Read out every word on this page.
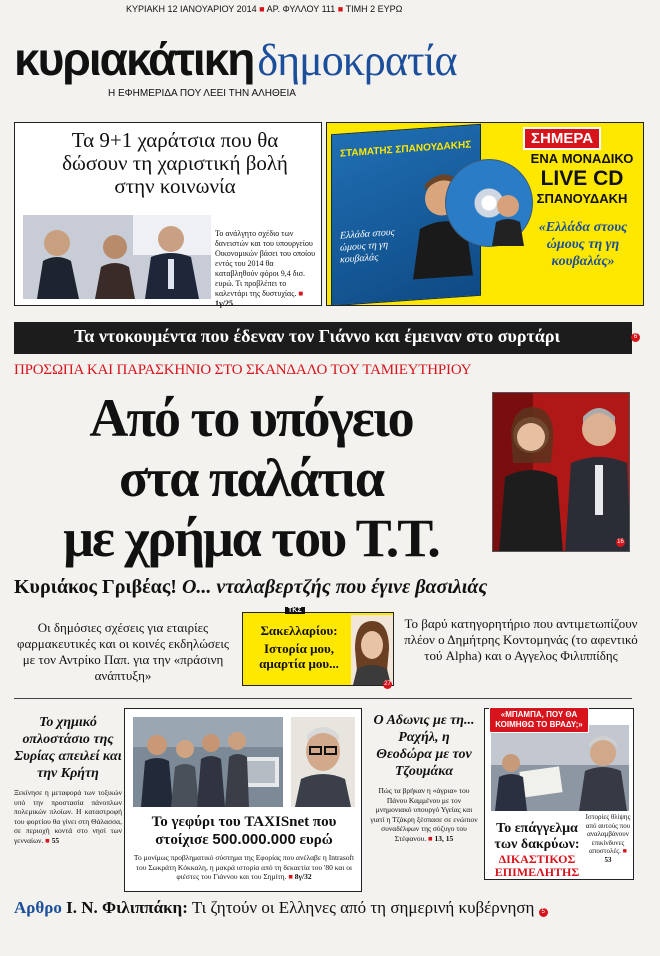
ΚΥΡΙΑΚΗ 12 ΙΑΝΟΥΑΡΙΟΥ 2014 ■ ΑΡ. ΦΥΛΛΟΥ 111 ■ ΤΙΜΗ 2 ΕΥΡΩ
κυριακάτικη δημοκρατία
Η ΕΦΗΜΕΡΙΔΑ ΠΟΥ ΛΕΕΙ ΤΗΝ ΑΛΗΘΕΙΑ
Τα 9+1 χαράτσια που θα δώσουν τη χαριστική βολή στην κοινωνία
Το ανάλγητο σχέδιο των δανειστών και του υπουργείου Οικονομικών βάσει του οποίου εντός του 2014 θα καταβληθούν φόροι 9,4 δισ. ευρώ. Τι προβλέπει το καλεντάρι της δυστυχίας. ■ 1γ/25
ΣΤΑΜΑΤΗΣ ΣΠΑΝΟΥΔΑΚΗΣ
Ελλάδα στους ώμους τη γη κουβαλάς
ΣΗΜΕΡΑ
ΕΝΑ ΜΟΝΑΔΙΚΟ
LIVE CD
ΣΠΑΝΟΥΔΑΚΗ
«Ελλάδα στους ώμους τη γη κουβαλάς»
Τα ντοκουμέντα που έδεναν τον Γιάννο και έμειναν στο συρτάρι	6
ΠΡΟΣΩΠΑ ΚΑΙ ΠΑΡΑΣΚΗΝΙΟ ΣΤΟ ΣΚΑΝΔΑΛΟ ΤΟΥ ΤΑΜΙΕΥΤΗΡΙΟΥ
Από το υπόγειο
στα παλάτια
με χρήμα του Τ.Τ.	16
Κυριάκος Γριβέας! Ο... νταλαβερτζής που έγινε βασιλιάς
Οι δημόσιες σχέσεις για εταιρίες φαρμακευτικές και οι κοινές εκδηλώσεις με τον Αντρίκο Παπ. για την «πράσινη ανάπτυξη»
ΤΚΣ
Σακελλαρίου:
Ιστορία μου, αμαρτία μου...
27
Το βαρύ κατηγορητήριο που αντιμετωπίζουν πλέον ο Δημήτρης Κοντομηνάς (το αφεντικό τού Alpha) και ο Αγγελος Φιλιππίδης
Το χημικό οπλοστάσιο της Συρίας απειλεί και την Κρήτη
Ξεκίνησε η μεταφορά των τοξικών υπό την προστασία πάνοπλων πολεμικών πλοίων. Η καταστροφή του φορτίου θα γίνει στη Θάλασσα, σε περιοχή κοντά στο νησί των γενναίων. ■ 55
Το γεφύρι του TAXISnet που
στοίχισε 500.000.000 ευρώ
Το μονίμως προβληματικό σύστημα της Εφορίας που ανέλαβε η Intrasoft του Σωκράτη Κόκκαλη, η μακρά ιστορία από τη δεκαετία του '80 και οι φιέστες του Γιάννου και του Σημίτη. ■ 8γ/32
Ο Αδωνις με τη... Ραχήλ, η Θεοδώρα με τον Τζουμάκα
Πώς τα βρήκαν η «άγρια» του Πάνου Καμμένου με τον μνημονιακό υπουργό Υγείας και γιατί η Τζάκρη ξέσπασε σε ενώπιον συναδέλφων της σύζυγο του Στέφανου. ■ 13, 15
«ΜΠΑΜΠΑ, ΠΟΥ ΘΑ ΚΟΙΜΗΘΩ ΤΟ ΒΡΑΔΥ;»
Ιστορίες θλίψης από αυτούς που αναλαμβάνουν επικίνδυνες αποστολές. ■ 53
Το επάγγελμα των δακρύων:
ΔΙΚΑΣΤΙΚΟΣ ΕΠΙΜΕΛΗΤΗΣ
Αρθρο Ι. Ν. Φιλιππάκη: Τι ζητούν οι Ελληνες από τη σημερινή κυβέρνηση 5
